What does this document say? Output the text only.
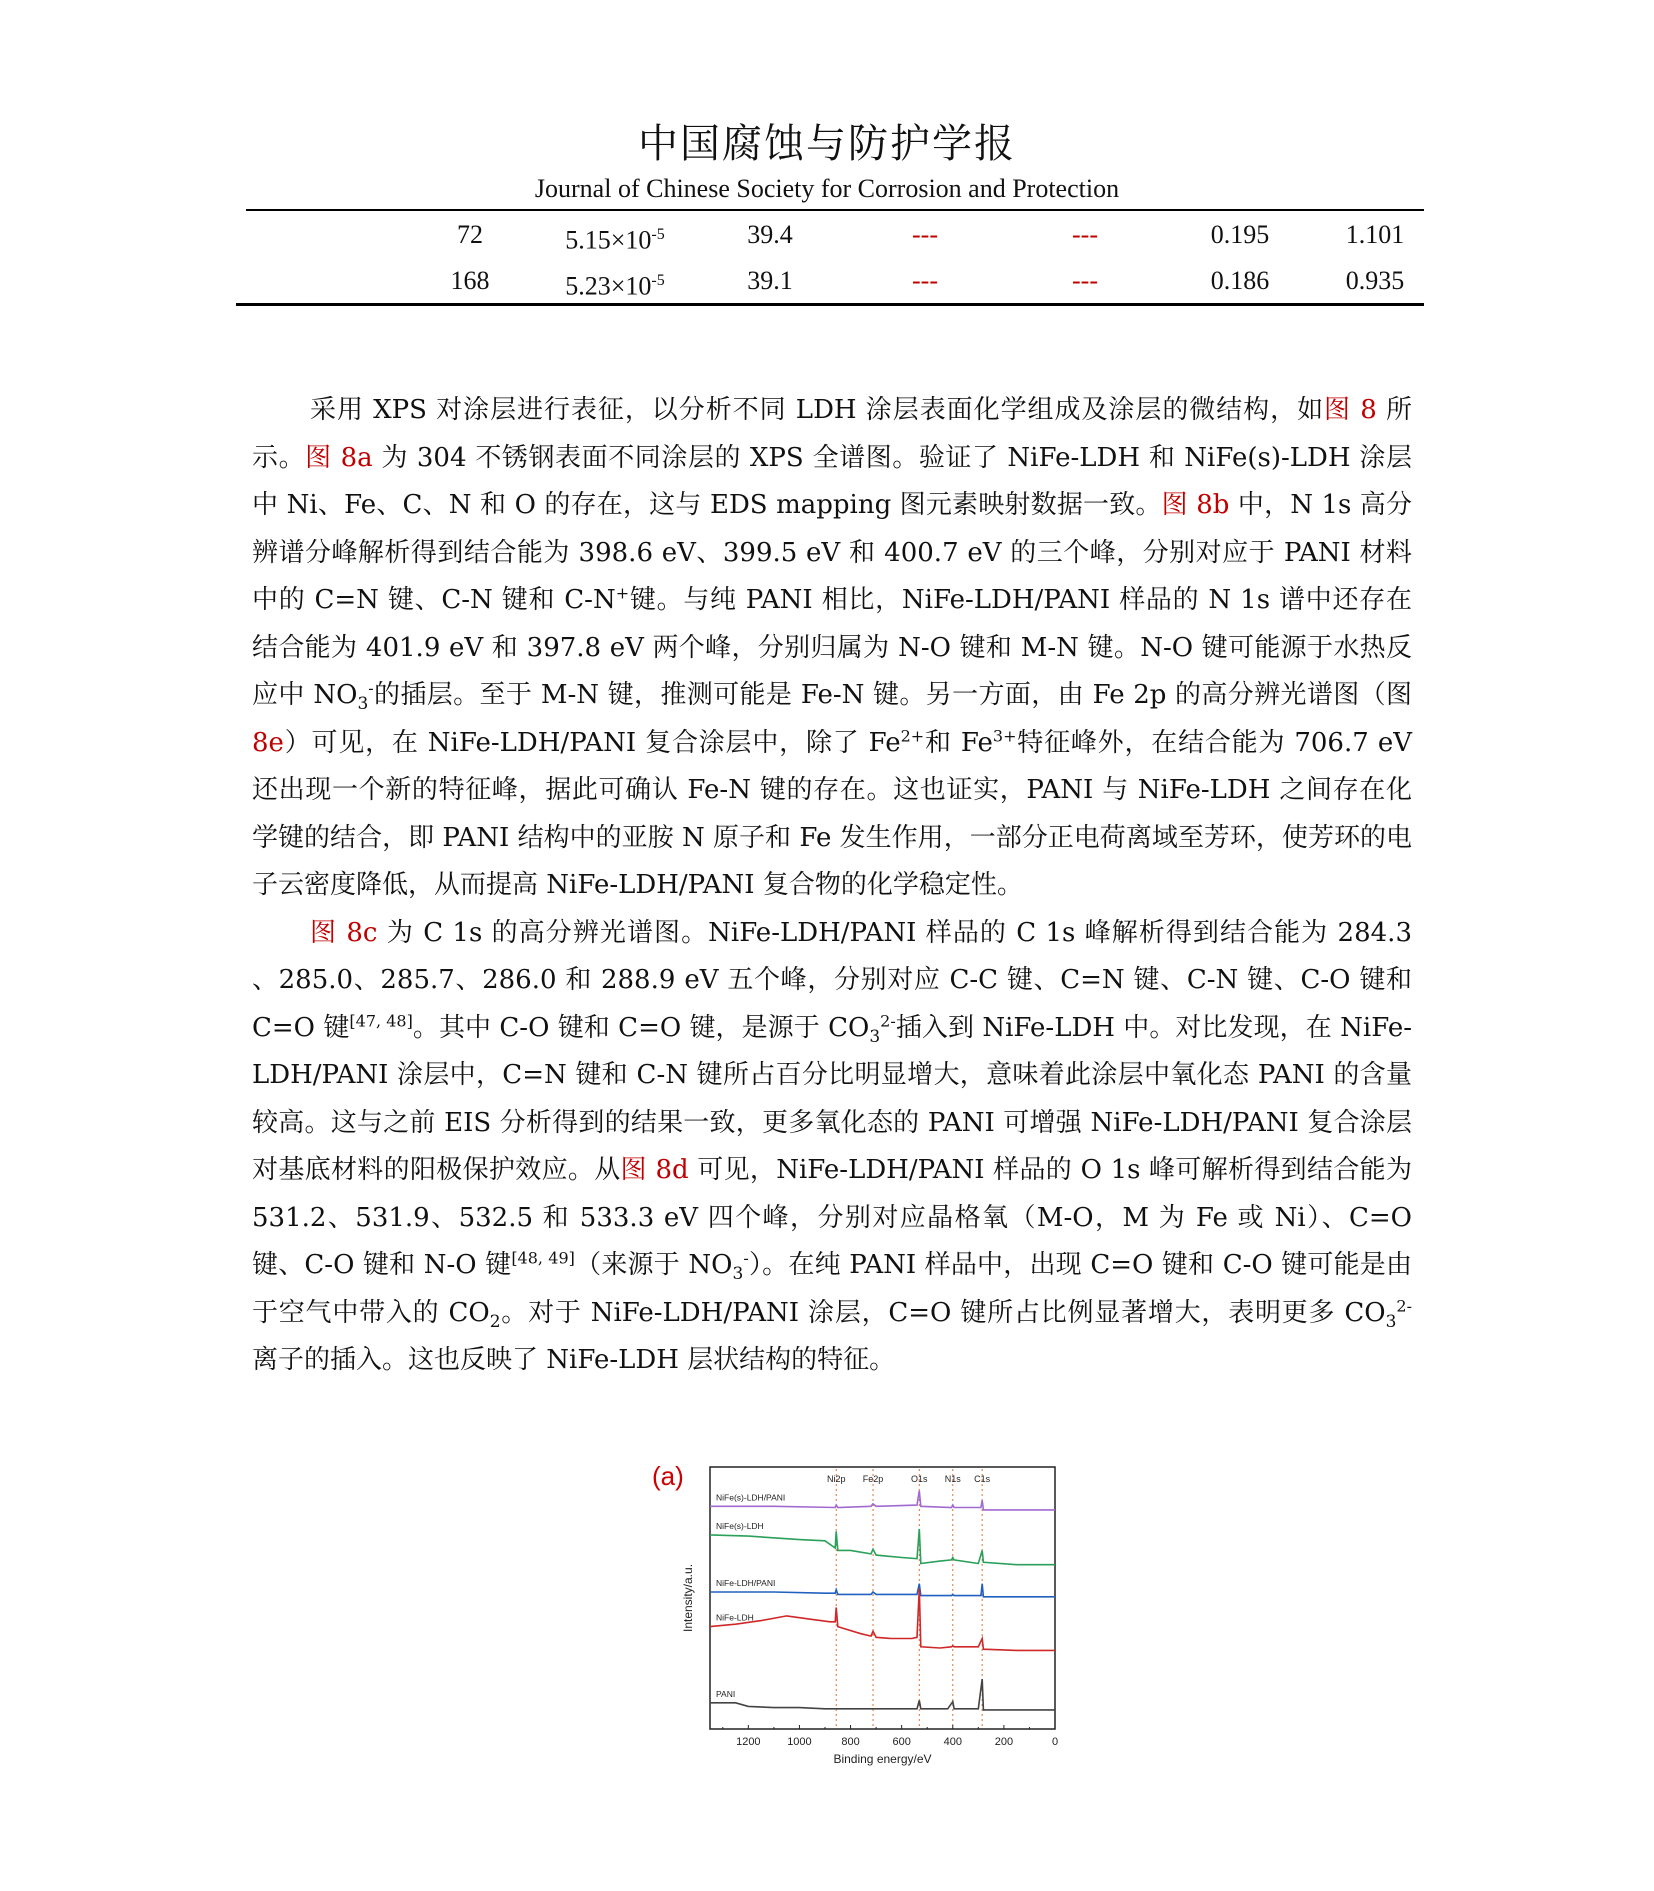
中国腐蚀与防护学报
Journal of Chinese Society for Corrosion and Protection
72	$5.15\times 10^{-5}$	39.4	---	---	0.195	1.101
168	$5.23\times 10^{-5}$	39.1	---	---	0.186	0.935

采用 XPS 对涂层进行表征，以分析不同 LDH 涂层表面化学组成及涂层的微结构，如图 8 所示。图 8a 为 304 不锈钢表面不同涂层的 XPS 全谱图。验证了 NiFe-LDH 和 NiFe(s)-LDH 涂层中 Ni、Fe、C、N 和 O 的存在，这与 EDS mapping 图元素映射数据一致。图 8b 中，N 1s 高分辨谱分峰解析得到结合能为 398.6 eV、399.5 eV 和 400.7 eV 的三个峰，分别对应于 PANI 材料中的 C=N 键、C-N 键和 C-N+键。与纯 PANI 相比，NiFe-LDH/PANI 样品的 N 1s 谱中还存在结合能为 401.9 eV 和 397.8 eV 两个峰，分别归属为 N-O 键和 M-N 键。N-O 键可能源于水热反应中 $NO_3^-$的插层。至于 M-N 键，推测可能是 Fe-N 键。另一方面，由 Fe 2p 的高分辨光谱图（图 8e）可见，在 NiFe-LDH/PANI 复合涂层中，除了 $Fe^{2+}$和 $Fe^{3+}$特征峰外，在结合能为 706.7 eV 还出现一个新的特征峰，据此可确认 Fe-N 键的存在。这也证实，PANI 与 NiFe-LDH 之间存在化学键的结合，即 PANI 结构中的亚胺 N 原子和 Fe 发生作用，一部分正电荷离域至芳环，使芳环的电子云密度降低，从而提高 NiFe-LDH/PANI 复合物的化学稳定性。

图 8c 为 C 1s 的高分辨光谱图。NiFe-LDH/PANI 样品的 C 1s 峰解析得到结合能为 284.3 、285.0、285.7、286.0 和 288.9 eV 五个峰，分别对应 C-C 键、C=N 键、C-N 键、C-O 键和 C=O 键[47, 48]。其中 C-O 键和 C=O 键，是源于 $CO_3^{2-}$插入到 NiFe-LDH 中。对比发现，在 NiFe-LDH/PANI 涂层中，C=N 键和 C-N 键所占百分比明显增大，意味着此涂层中氧化态 PANI 的含量较高。这与之前 EIS 分析得到的结果一致，更多氧化态的 PANI 可增强 NiFe-LDH/PANI 复合涂层对基底材料的阳极保护效应。从图 8d 可见，NiFe-LDH/PANI 样品的 O 1s 峰可解析得到结合能为 531.2、531.9、532.5 和 533.3 eV 四个峰，分别对应晶格氧（M-O，M 为 Fe 或 Ni）、C=O 键、C-O 键和 N-O 键[48, 49]（来源于 $NO_3^-$）。在纯 PANI 样品中，出现 C=O 键和 C-O 键可能是由于空气中带入的 $CO_2$。对于 NiFe-LDH/PANI 涂层，C=O 键所占比例显著增大，表明更多 $CO_3^{2-}$离子的插入。这也反映了 NiFe-LDH 层状结构的特征。

Ni2p Fe2p	O1s N1s C1s
1200 1000	800	600	400	200	0
NiFe(s)-LDH/PANI
NiFe(s)-LDH
NiFe-LDH/PANI
NiFe-LDH
PANI
(a)
Binding energy/eV
Intensity/a.u.
